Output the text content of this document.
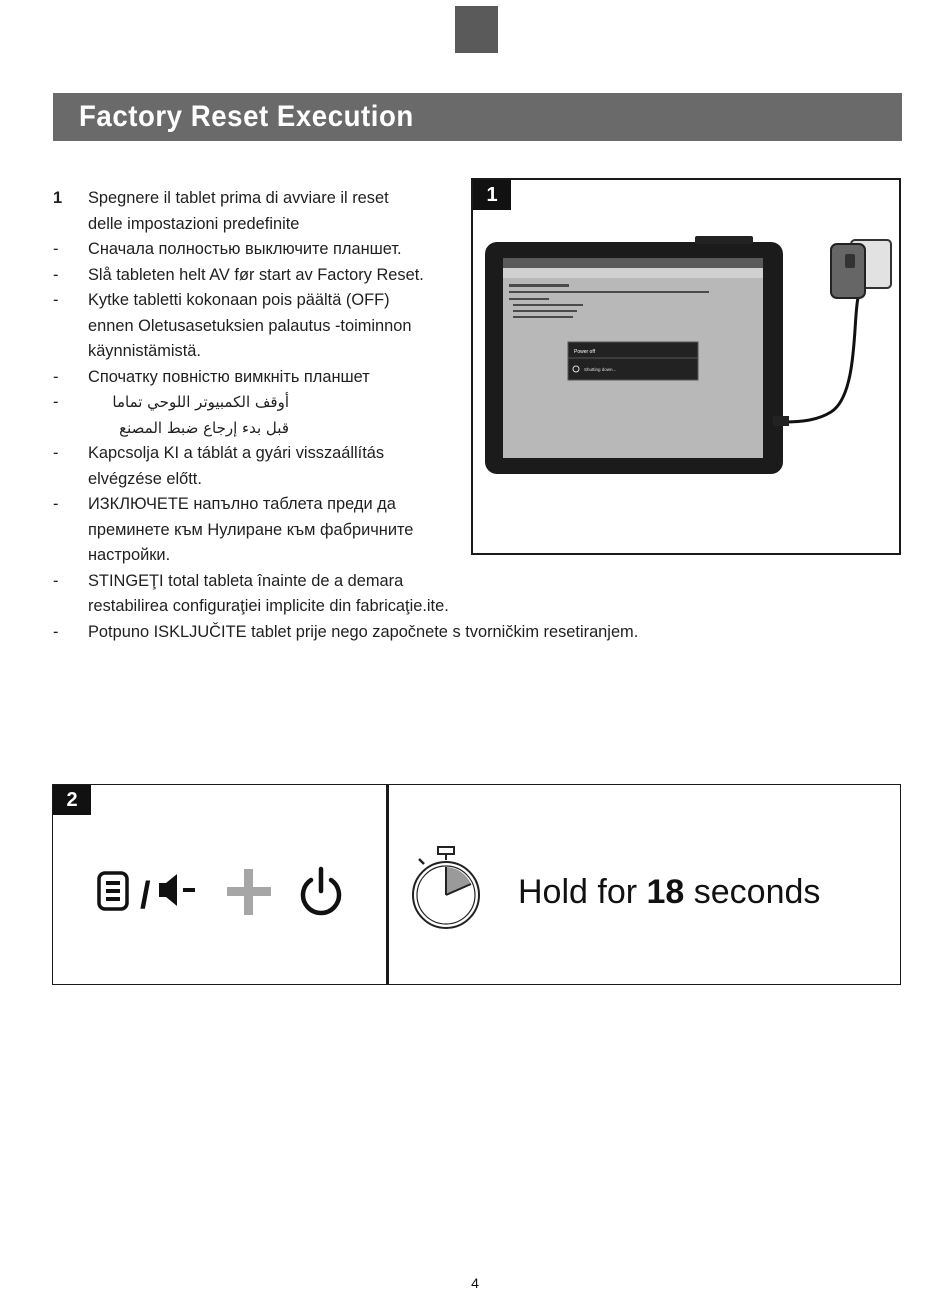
Factory Reset Execution
1	Spegnere il tablet prima di avviare il reset
delle impostazioni predefinite
-	Сначала полностью выключите планшет.
-	Slå tableten helt AV før start av Factory Reset.
-	Kytke tabletti kokonaan pois päältä (OFF)
ennen Oletusasetuksien palautus -toiminnon
käynnistämistä.
-	Спочатку повністю вимкніть планшет
-	أوقف الكمبيوتر اللوحي تماما
قبل بدء إرجاع ضبط المصنع
-	Kapcsolja KI a táblát a gyári visszaállítás
elvégzése előtt.
-	ИЗКЛЮЧЕТЕ напълно таблета преди да
преминете към Нулиране към фабричните
настройки.
-	STINGEŢI total tableta înainte de a demara
restabilirea configuraţiei implicite din fabricaţie.ite.
-	Potpuno ISKLJUČITE tablet prije nego započnete s tvorničkim resetiranjem.
1
Power off
Shutting down...
2
/	Hold for 18 seconds
4
